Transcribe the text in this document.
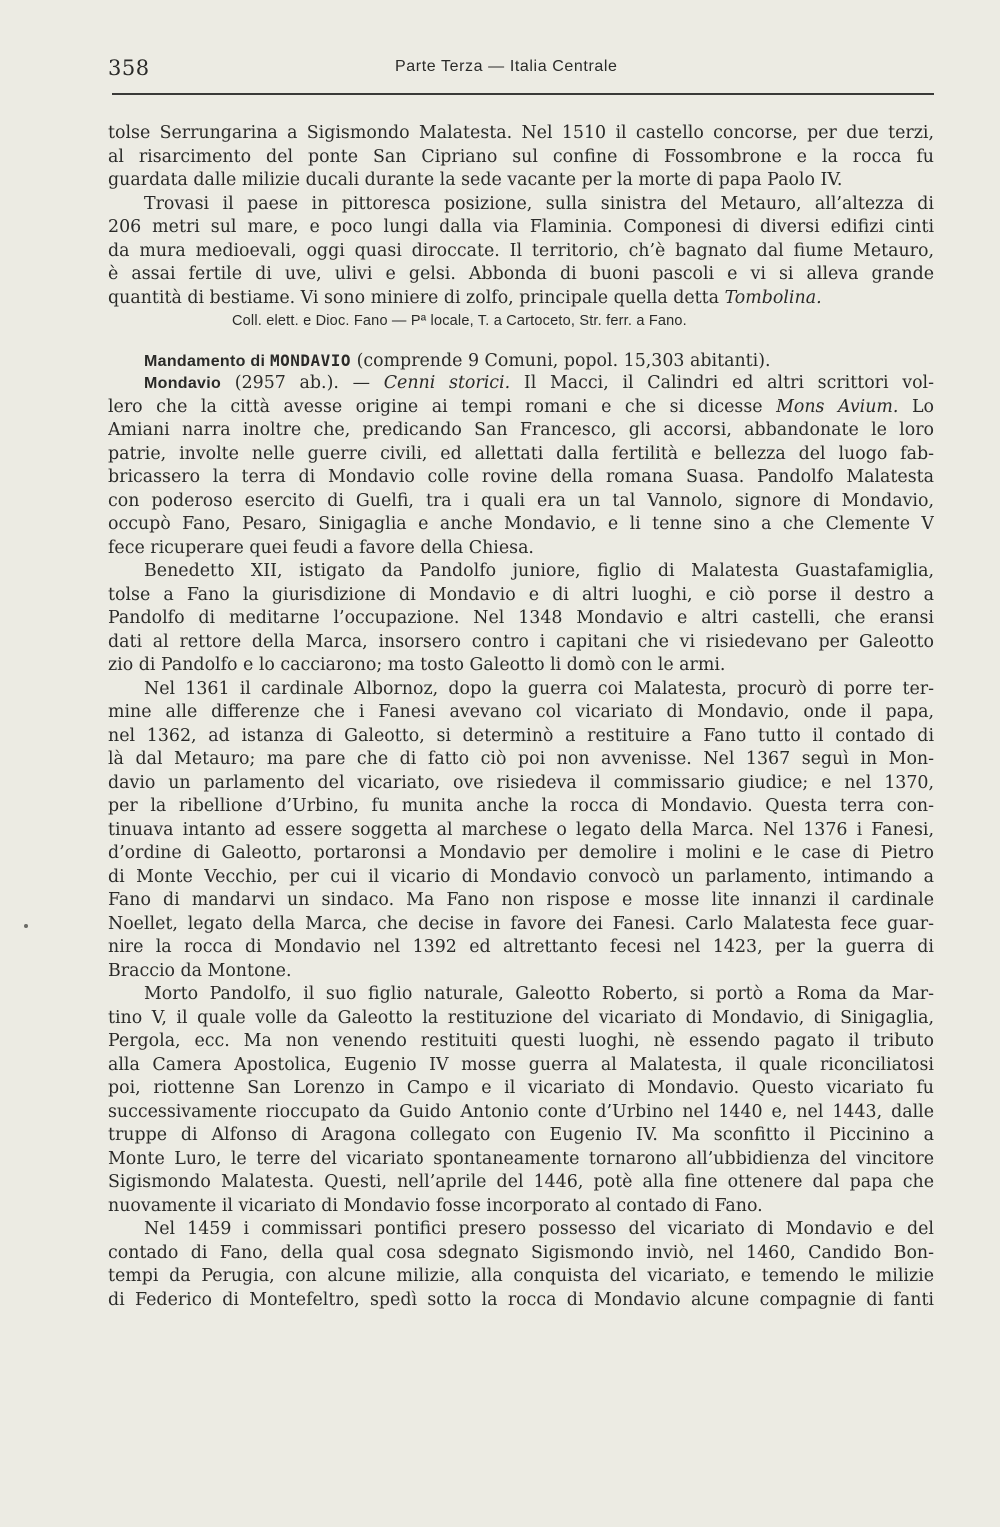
358	Parte Terza — Italia Centrale
tolse Serrungarina a Sigismondo Malatesta. Nel 1510 il castello concorse, per due terzi,
al risarcimento del ponte San Cipriano sul confine di Fossombrone e la rocca fu
guardata dalle milizie ducali durante la sede vacante per la morte di papa Paolo IV.
Trovasi il paese in pittoresca posizione, sulla sinistra del Metauro, all’altezza di
206 metri sul mare, e poco lungi dalla via Flaminia. Componesi di diversi edifizi cinti
da mura medioevali, oggi quasi diroccate. Il territorio, ch’è bagnato dal fiume Metauro,
è assai fertile di uve, ulivi e gelsi. Abbonda di buoni pascoli e vi si alleva grande
quantità di bestiame. Vi sono miniere di zolfo, principale quella detta Tombolina.
Coll. elett. e Dioc. Fano — Pª locale, T. a Cartoceto, Str. ferr. a Fano.
Mandamento di MONDAVIO (comprende 9 Comuni, popol. 15,303 abitanti).
Mondavio (2957 ab.). — Cenni storici. Il Macci, il Calindri ed altri scrittori vol-
lero che la città avesse origine ai tempi romani e che si dicesse Mons Avium. Lo
Amiani narra inoltre che, predicando San Francesco, gli accorsi, abbandonate le loro
patrie, involte nelle guerre civili, ed allettati dalla fertilità e bellezza del luogo fab-
bricassero la terra di Mondavio colle rovine della romana Suasa. Pandolfo Malatesta
con poderoso esercito di Guelfi, tra i quali era un tal Vannolo, signore di Mondavio,
occupò Fano, Pesaro, Sinigaglia e anche Mondavio, e li tenne sino a che Clemente V
fece ricuperare quei feudi a favore della Chiesa.
Benedetto XII, istigato da Pandolfo juniore, figlio di Malatesta Guastafamiglia,
tolse a Fano la giurisdizione di Mondavio e di altri luoghi, e ciò porse il destro a
Pandolfo di meditarne l’occupazione. Nel 1348 Mondavio e altri castelli, che eransi
dati al rettore della Marca, insorsero contro i capitani che vi risiedevano per Galeotto
zio di Pandolfo e lo cacciarono; ma tosto Galeotto li domò con le armi.
Nel 1361 il cardinale Albornoz, dopo la guerra coi Malatesta, procurò di porre ter-
mine alle differenze che i Fanesi avevano col vicariato di Mondavio, onde il papa,
nel 1362, ad istanza di Galeotto, si determinò a restituire a Fano tutto il contado di
là dal Metauro; ma pare che di fatto ciò poi non avvenisse. Nel 1367 seguì in Mon-
davio un parlamento del vicariato, ove risiedeva il commissario giudice; e nel 1370,
per la ribellione d’Urbino, fu munita anche la rocca di Mondavio. Questa terra con-
tinuava intanto ad essere soggetta al marchese o legato della Marca. Nel 1376 i Fanesi,
d’ordine di Galeotto, portaronsi a Mondavio per demolire i molini e le case di Pietro
di Monte Vecchio, per cui il vicario di Mondavio convocò un parlamento, intimando a
Fano di mandarvi un sindaco. Ma Fano non rispose e mosse lite innanzi il cardinale
Noellet, legato della Marca, che decise in favore dei Fanesi. Carlo Malatesta fece guar-
nire la rocca di Mondavio nel 1392 ed altrettanto fecesi nel 1423, per la guerra di
Braccio da Montone.
Morto Pandolfo, il suo figlio naturale, Galeotto Roberto, si portò a Roma da Mar-
tino V, il quale volle da Galeotto la restituzione del vicariato di Mondavio, di Sinigaglia,
Pergola, ecc. Ma non venendo restituiti questi luoghi, nè essendo pagato il tributo
alla Camera Apostolica, Eugenio IV mosse guerra al Malatesta, il quale riconciliatosi
poi, riottenne San Lorenzo in Campo e il vicariato di Mondavio. Questo vicariato fu
successivamente rioccupato da Guido Antonio conte d’Urbino nel 1440 e, nel 1443, dalle
truppe di Alfonso di Aragona collegato con Eugenio IV. Ma sconfitto il Piccinino a
Monte Luro, le terre del vicariato spontaneamente tornarono all’ubbidienza del vincitore
Sigismondo Malatesta. Questi, nell’aprile del 1446, potè alla fine ottenere dal papa che
nuovamente il vicariato di Mondavio fosse incorporato al contado di Fano.
Nel 1459 i commissari pontifici presero possesso del vicariato di Mondavio e del
contado di Fano, della qual cosa sdegnato Sigismondo inviò, nel 1460, Candido Bon-
tempi da Perugia, con alcune milizie, alla conquista del vicariato, e temendo le milizie
di Federico di Montefeltro, spedì sotto la rocca di Mondavio alcune compagnie di fanti
